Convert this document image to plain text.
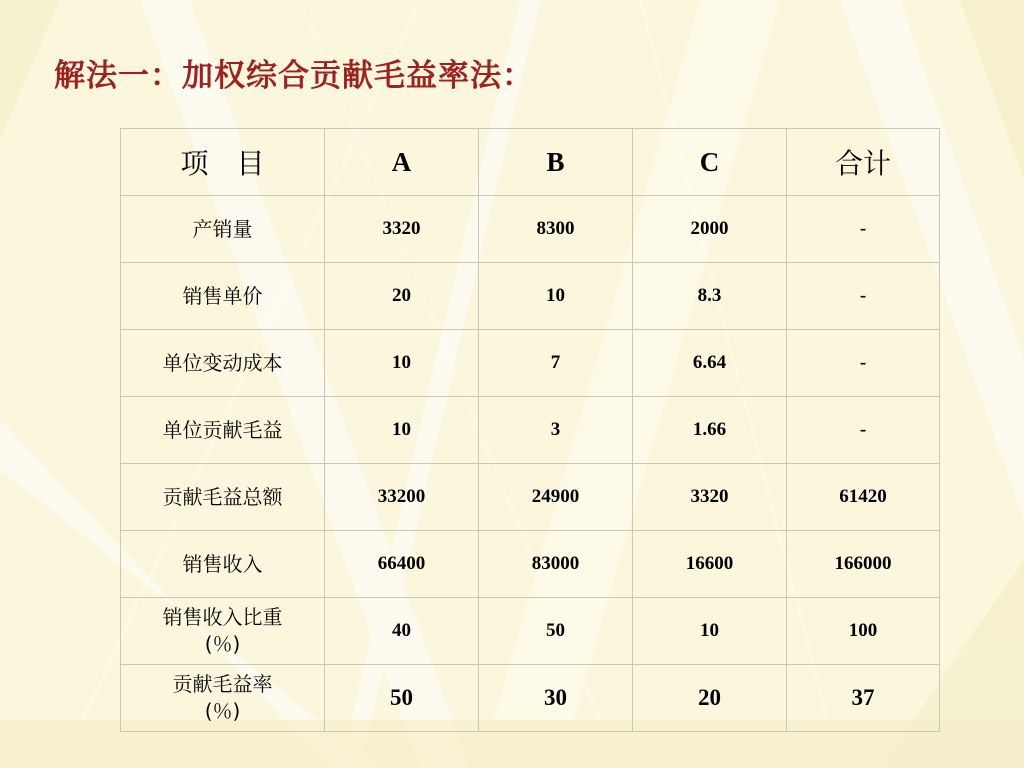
解法一：加权综合贡献毛益率法：
项　目	A	B	C	合计
产销量	3320	8300	2000	-
销售单价	20	10	8.3	-
单位变动成本	10	7	6.64	-
单位贡献毛益	10	3	1.66	-
贡献毛益总额	33200	24900	3320	61420
销售收入	66400	83000	16600	166000
销售收入比重
(％)	40	50	10	100
贡献毛益率
(％)	50	30	20	37
